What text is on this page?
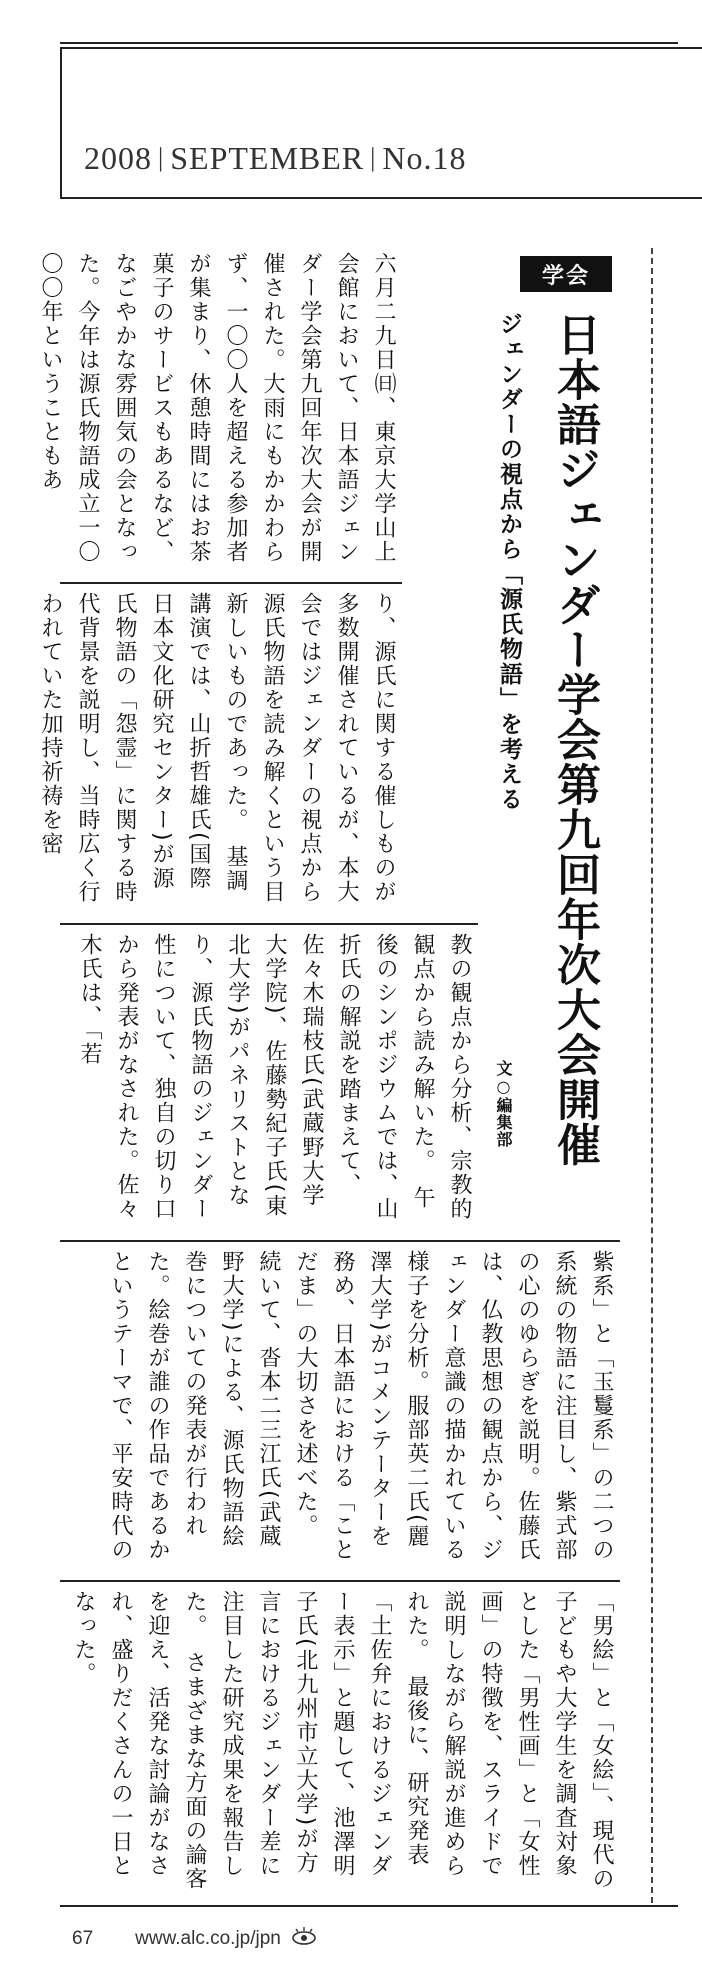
2008 | SEPTEMBER | No.18
学会
日本語ジェンダー学会第九回年次大会開催
ジェンダーの視点から「源氏物語」を考える
文○編集部
六月二九日㈰、東京大学山上会館において、日本語ジェンダー学会第九回年次大会が開催された。大雨にもかかわらず、一〇〇人を超える参加者が集まり、休憩時間にはお茶菓子のサービスもあるなど、なごやかな雰囲気の会となった。今年は源氏物語成立一〇〇〇年ということもあ
り、源氏に関する催しものが多数開催されているが、本大会ではジェンダーの視点から源氏物語を読み解くという目新しいものであった。　基調講演では、山折哲雄氏(国際日本文化研究センター)が源氏物語の「怨霊」に関する時代背景を説明し、当時広く行われていた加持祈祷を密
教の観点から分析、宗教的観点から読み解いた。　午後のシンポジウムでは、山折氏の解説を踏まえて、佐々木瑞枝氏(武蔵野大学大学院)、佐藤勢紀子氏(東北大学)がパネリストとなり、源氏物語のジェンダー性について、独自の切り口から発表がなされた。佐々木氏は、「若
紫系」と「玉鬘系」の二つの系統の物語に注目し、紫式部の心のゆらぎを説明。佐藤氏は、仏教思想の観点から、ジェンダー意識の描かれている様子を分析。服部英二氏(麗澤大学)がコメンテーターを務め、日本語における「ことだま」の大切さを述べた。　続いて、沓本二三江氏(武蔵野大学)による、源氏物語絵巻についての発表が行われた。絵巻が誰の作品であるかというテーマで、平安時代の
「男絵」と「女絵」、現代の子どもや大学生を調査対象とした「男性画」と「女性画」の特徴を、スライドで説明しながら解説が進められた。　最後に、研究発表「土佐弁におけるジェンダー表示」と題して、池澤明子氏(北九州市立大学)が方言におけるジェンダー差に注目した研究成果を報告した。　さまざまな方面の論客を迎え、活発な討論がなされ、盛りだくさんの一日となった。
67 www.alc.co.jp/jpn
